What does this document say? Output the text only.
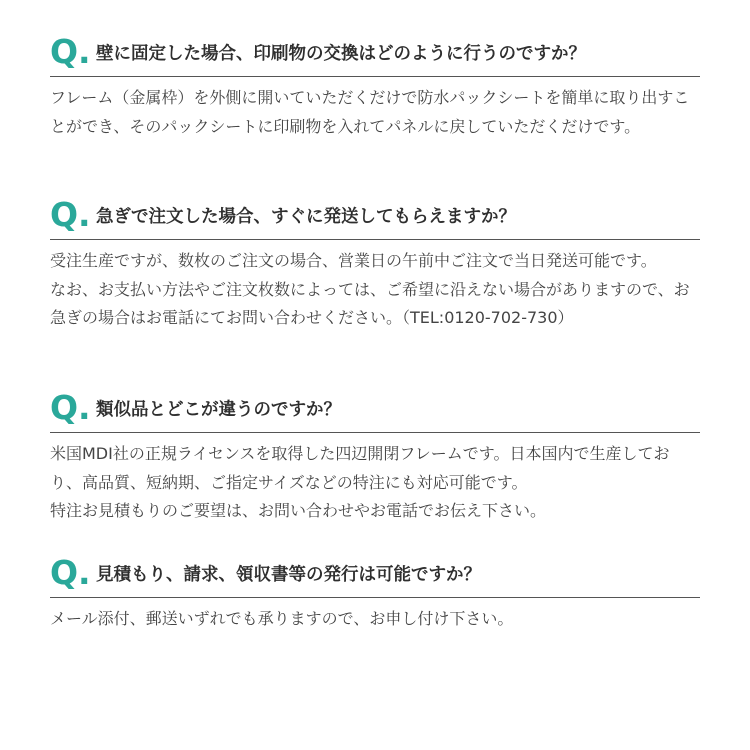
Q. 壁に固定した場合、印刷物の交換はどのように行うのですか？

フレーム（金属枠）を外側に開いていただくだけで防水パックシートを簡単に取り出すことができ、そのパックシートに印刷物を入れてパネルに戻していただくだけです。

Q. 急ぎで注文した場合、すぐに発送してもらえますか？

受注生産ですが、数枚のご注文の場合、営業日の午前中ご注文で当日発送可能です。

なお、お支払い方法やご注文枚数によっては、ご希望に沿えない場合がありますので、お急ぎの場合はお電話にてお問い合わせください。（TEL:0120-702-730）

Q. 類似品とどこが違うのですか？

米国MDI社の正規ライセンスを取得した四辺開閉フレームです。日本国内で生産しており、高品質、短納期、ご指定サイズなどの特注にも対応可能です。

特注お見積もりのご要望は、お問い合わせやお電話でお伝え下さい。

Q. 見積もり、請求、領収書等の発行は可能ですか？

メール添付、郵送いずれでも承りますので、お申し付け下さい。
